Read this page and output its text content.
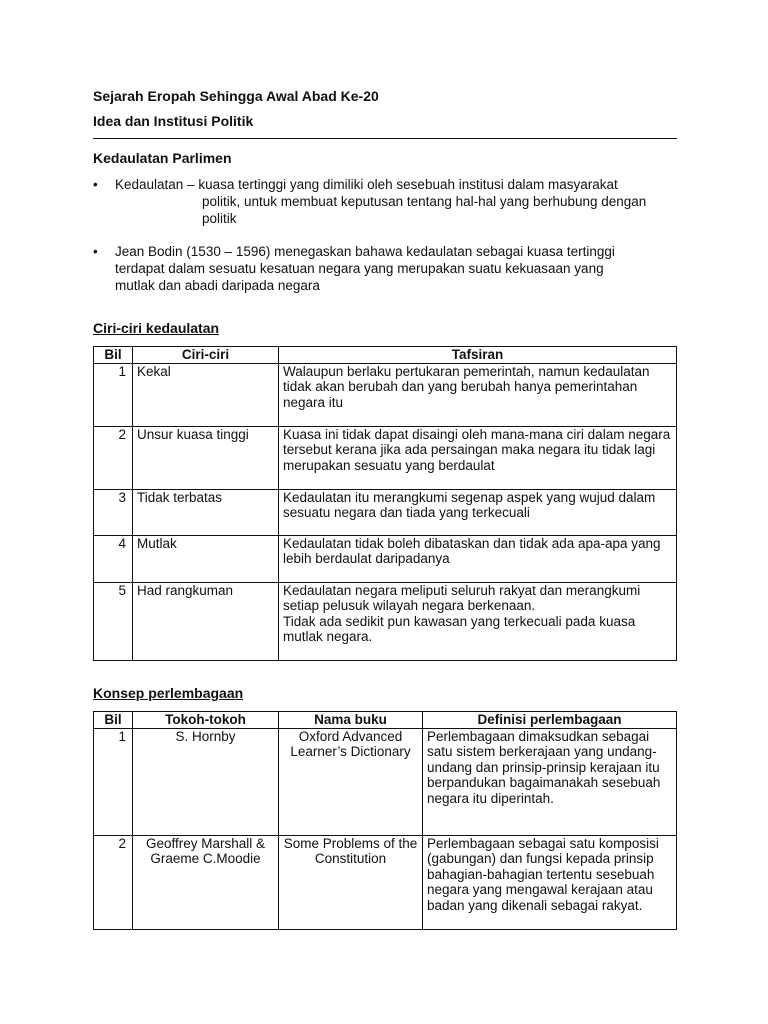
Sejarah Eropah Sehingga Awal Abad Ke-20
Idea dan Institusi Politik
Kedaulatan Parlimen
• Kedaulatan – kuasa tertinggi yang dimiliki oleh sesebuah institusi dalam masyarakat
politik, untuk membuat keputusan tentang hal-hal yang berhubung dengan
politik
• Jean Bodin (1530 – 1596) menegaskan bahawa kedaulatan sebagai kuasa tertinggi
terdapat dalam sesuatu kesatuan negara yang merupakan suatu kekuasaan yang
mutlak dan abadi daripada negara
Ciri-ciri kedaulatan
Bil	Ciri-ciri	Tafsiran
1	Kekal	Walaupun berlaku pertukaran pemerintah, namun kedaulatan tidak akan berubah dan yang berubah hanya pemerintahan negara itu
2	Unsur kuasa tinggi	Kuasa ini tidak dapat disaingi oleh mana-mana ciri dalam negara tersebut kerana jika ada persaingan maka negara itu tidak lagi merupakan sesuatu yang berdaulat
3	Tidak terbatas	Kedaulatan itu merangkumi segenap aspek yang wujud dalam sesuatu negara dan tiada yang terkecuali
4	Mutlak	Kedaulatan tidak boleh dibataskan dan tidak ada apa-apa yang lebih berdaulat daripadanya
5	Had rangkuman	Kedaulatan negara meliputi seluruh rakyat dan merangkumi setiap pelusuk wilayah negara berkenaan.
Tidak ada sedikit pun kawasan yang terkecuali pada kuasa mutlak negara.
Konsep perlembagaan
Bil	Tokoh-tokoh	Nama buku	Definisi perlembagaan
1	S. Hornby	Oxford Advanced Learner’s Dictionary	Perlembagaan dimaksudkan sebagai satu sistem berkerajaan yang undang-undang dan prinsip-prinsip kerajaan itu berpandukan bagaimanakah sesebuah negara itu diperintah.
2	Geoffrey Marshall & Graeme C.Moodie	Some Problems of the Constitution	Perlembagaan sebagai satu komposisi (gabungan) dan fungsi kepada prinsip bahagian-bahagian tertentu sesebuah negara yang mengawal kerajaan atau badan yang dikenali sebagai rakyat.
